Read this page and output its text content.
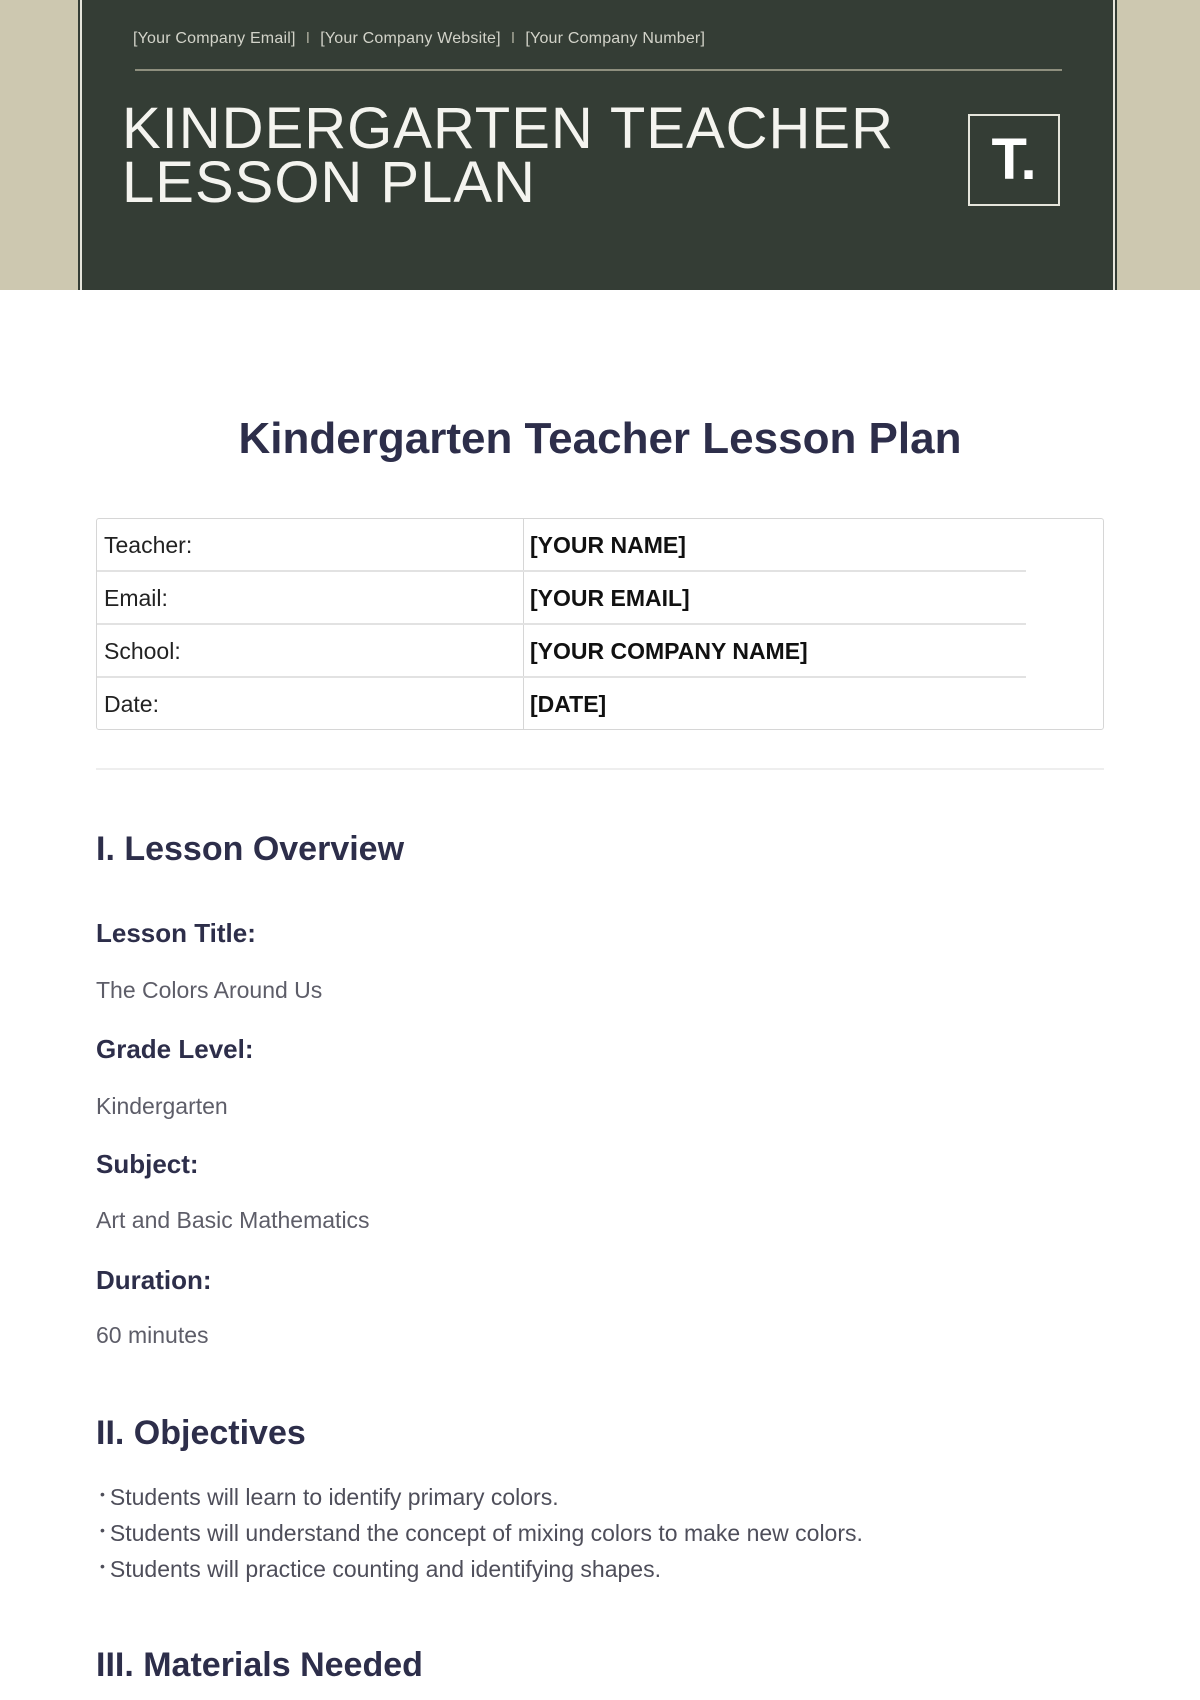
[Your Company Email] I [Your Company Website] I [Your Company Number]
KINDERGARTEN TEACHER
LESSON PLAN	T.
Kindergarten Teacher Lesson Plan
Teacher:	[YOUR NAME]
Email:	[YOUR EMAIL]
School:	[YOUR COMPANY NAME]
Date:	[DATE]
I. Lesson Overview
Lesson Title:
The Colors Around Us
Grade Level:
Kindergarten
Subject:
Art and Basic Mathematics
Duration:
60 minutes
II. Objectives
• Students will learn to identify primary colors.
• Students will understand the concept of mixing colors to make new colors.
• Students will practice counting and identifying shapes.
III. Materials Needed
